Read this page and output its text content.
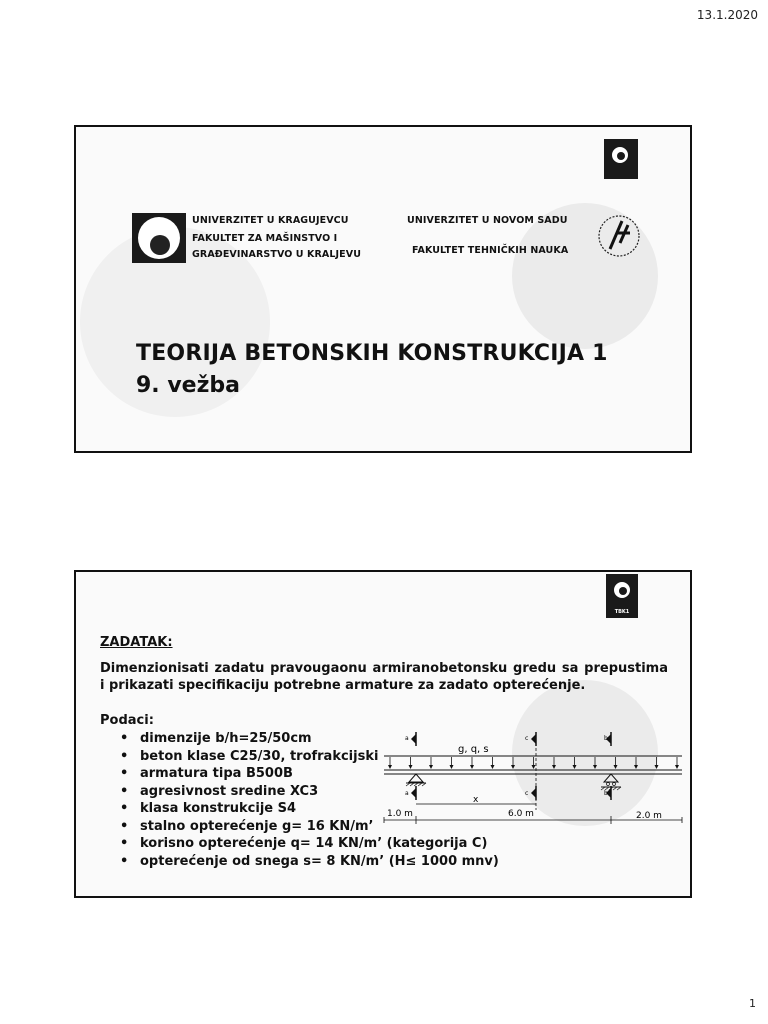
13.1.2020
UNIVERZITET U KRAGUJEVCU
FAKULTET ZA MAŠINSTVO I
GRAĐEVINARSTVO U KRALJEVU
UNIVERZITET U NOVOM SADU
FAKULTET TEHNIČKIH NAUKA
TEORIJA BETONSKIH KONSTRUKCIJA 1
9. vežba
TBK1
ZADATAK:
Dimenzionisati zadatu pravougaonu armiranobetonsku gredu sa prepustima i prikazati specifikaciju potrebne armature za zadato opterećenje.
Podaci:
• dimenzije b/h=25/50cm
• beton klase C25/30, trofrakcijski
• armatura tipa B500B
• agresivnost sredine XC3
• klasa konstrukcije S4
• stalno opterećenje g= 16 KN/m’
• korisno opterećenje q= 14 KN/m’ (kategorija C)
• opterećenje od snega s= 8 KN/m’ (H≤ 1000 mnv)
a	c	b
g, q, s
a	c	b
x
1.0 m	6.0 m	2.0 m
1
